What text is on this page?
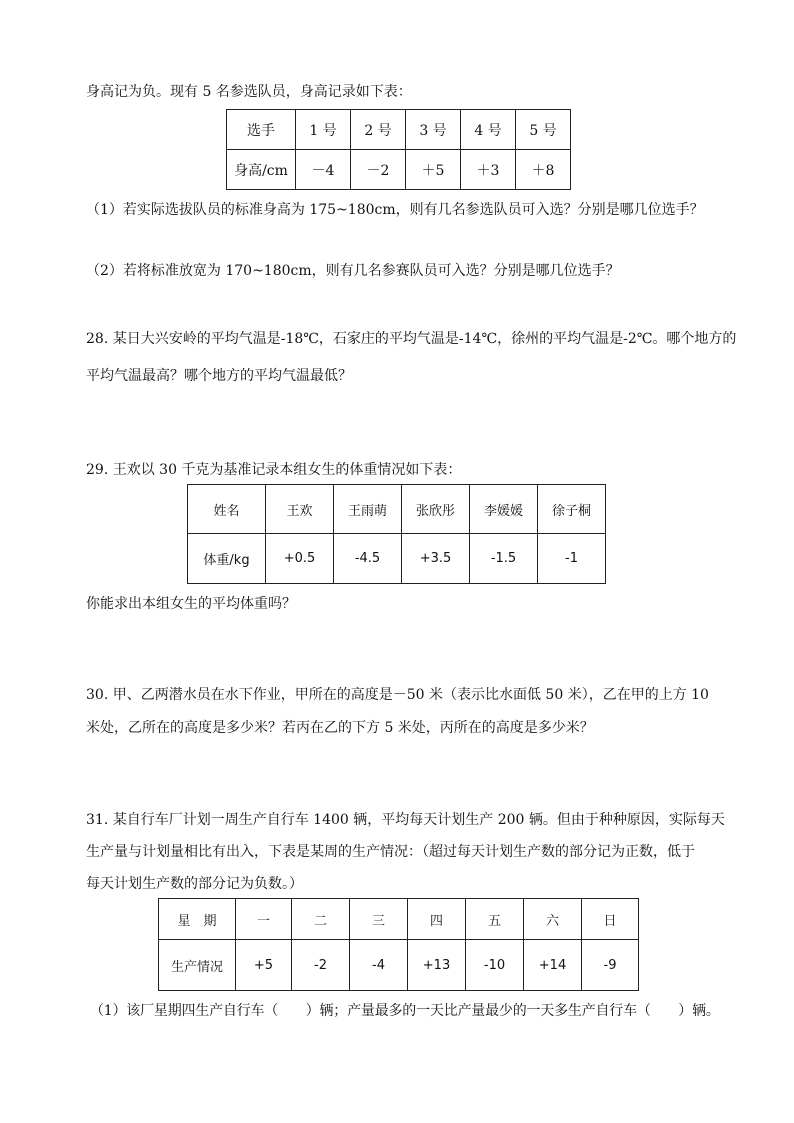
身高记为负。现有 5 名参选队员，身高记录如下表：
选手	1 号	2 号	3 号	4 号	5 号
身高/cm	－4	－2	＋5	＋3	＋8
（1）若实际选拔队员的标准身高为 175~180cm，则有几名参选队员可入选？分别是哪几位选手？
（2）若将标准放宽为 170~180cm，则有几名参赛队员可入选？分别是哪几位选手？
28. 某日大兴安岭的平均气温是-18℃，石家庄的平均气温是-14℃，徐州的平均气温是-2℃。哪个地方的
平均气温最高？哪个地方的平均气温最低？
29. 王欢以 30 千克为基准记录本组女生的体重情况如下表：
姓名	王欢	王雨萌	张欣彤	李媛媛	徐子桐
体重/kg	+0.5	-4.5	+3.5	-1.5	-1
你能求出本组女生的平均体重吗？
30. 甲、乙两潜水员在水下作业，甲所在的高度是－50 米（表示比水面低 50 米），乙在甲的上方 10
米处，乙所在的高度是多少米？若丙在乙的下方 5 米处，丙所在的高度是多少米？
31. 某自行车厂计划一周生产自行车 1400 辆，平均每天计划生产 200 辆。但由于种种原因，实际每天
生产量与计划量相比有出入，下表是某周的生产情况：（超过每天计划生产数的部分记为正数，低于
每天计划生产数的部分记为负数。）
星　期	一	二	三	四	五	六	日
生产情况	+5	-2	-4	+13	-10	+14	-9
（1）该厂星期四生产自行车（　　）辆；产量最多的一天比产量最少的一天多生产自行车（　　）辆。
